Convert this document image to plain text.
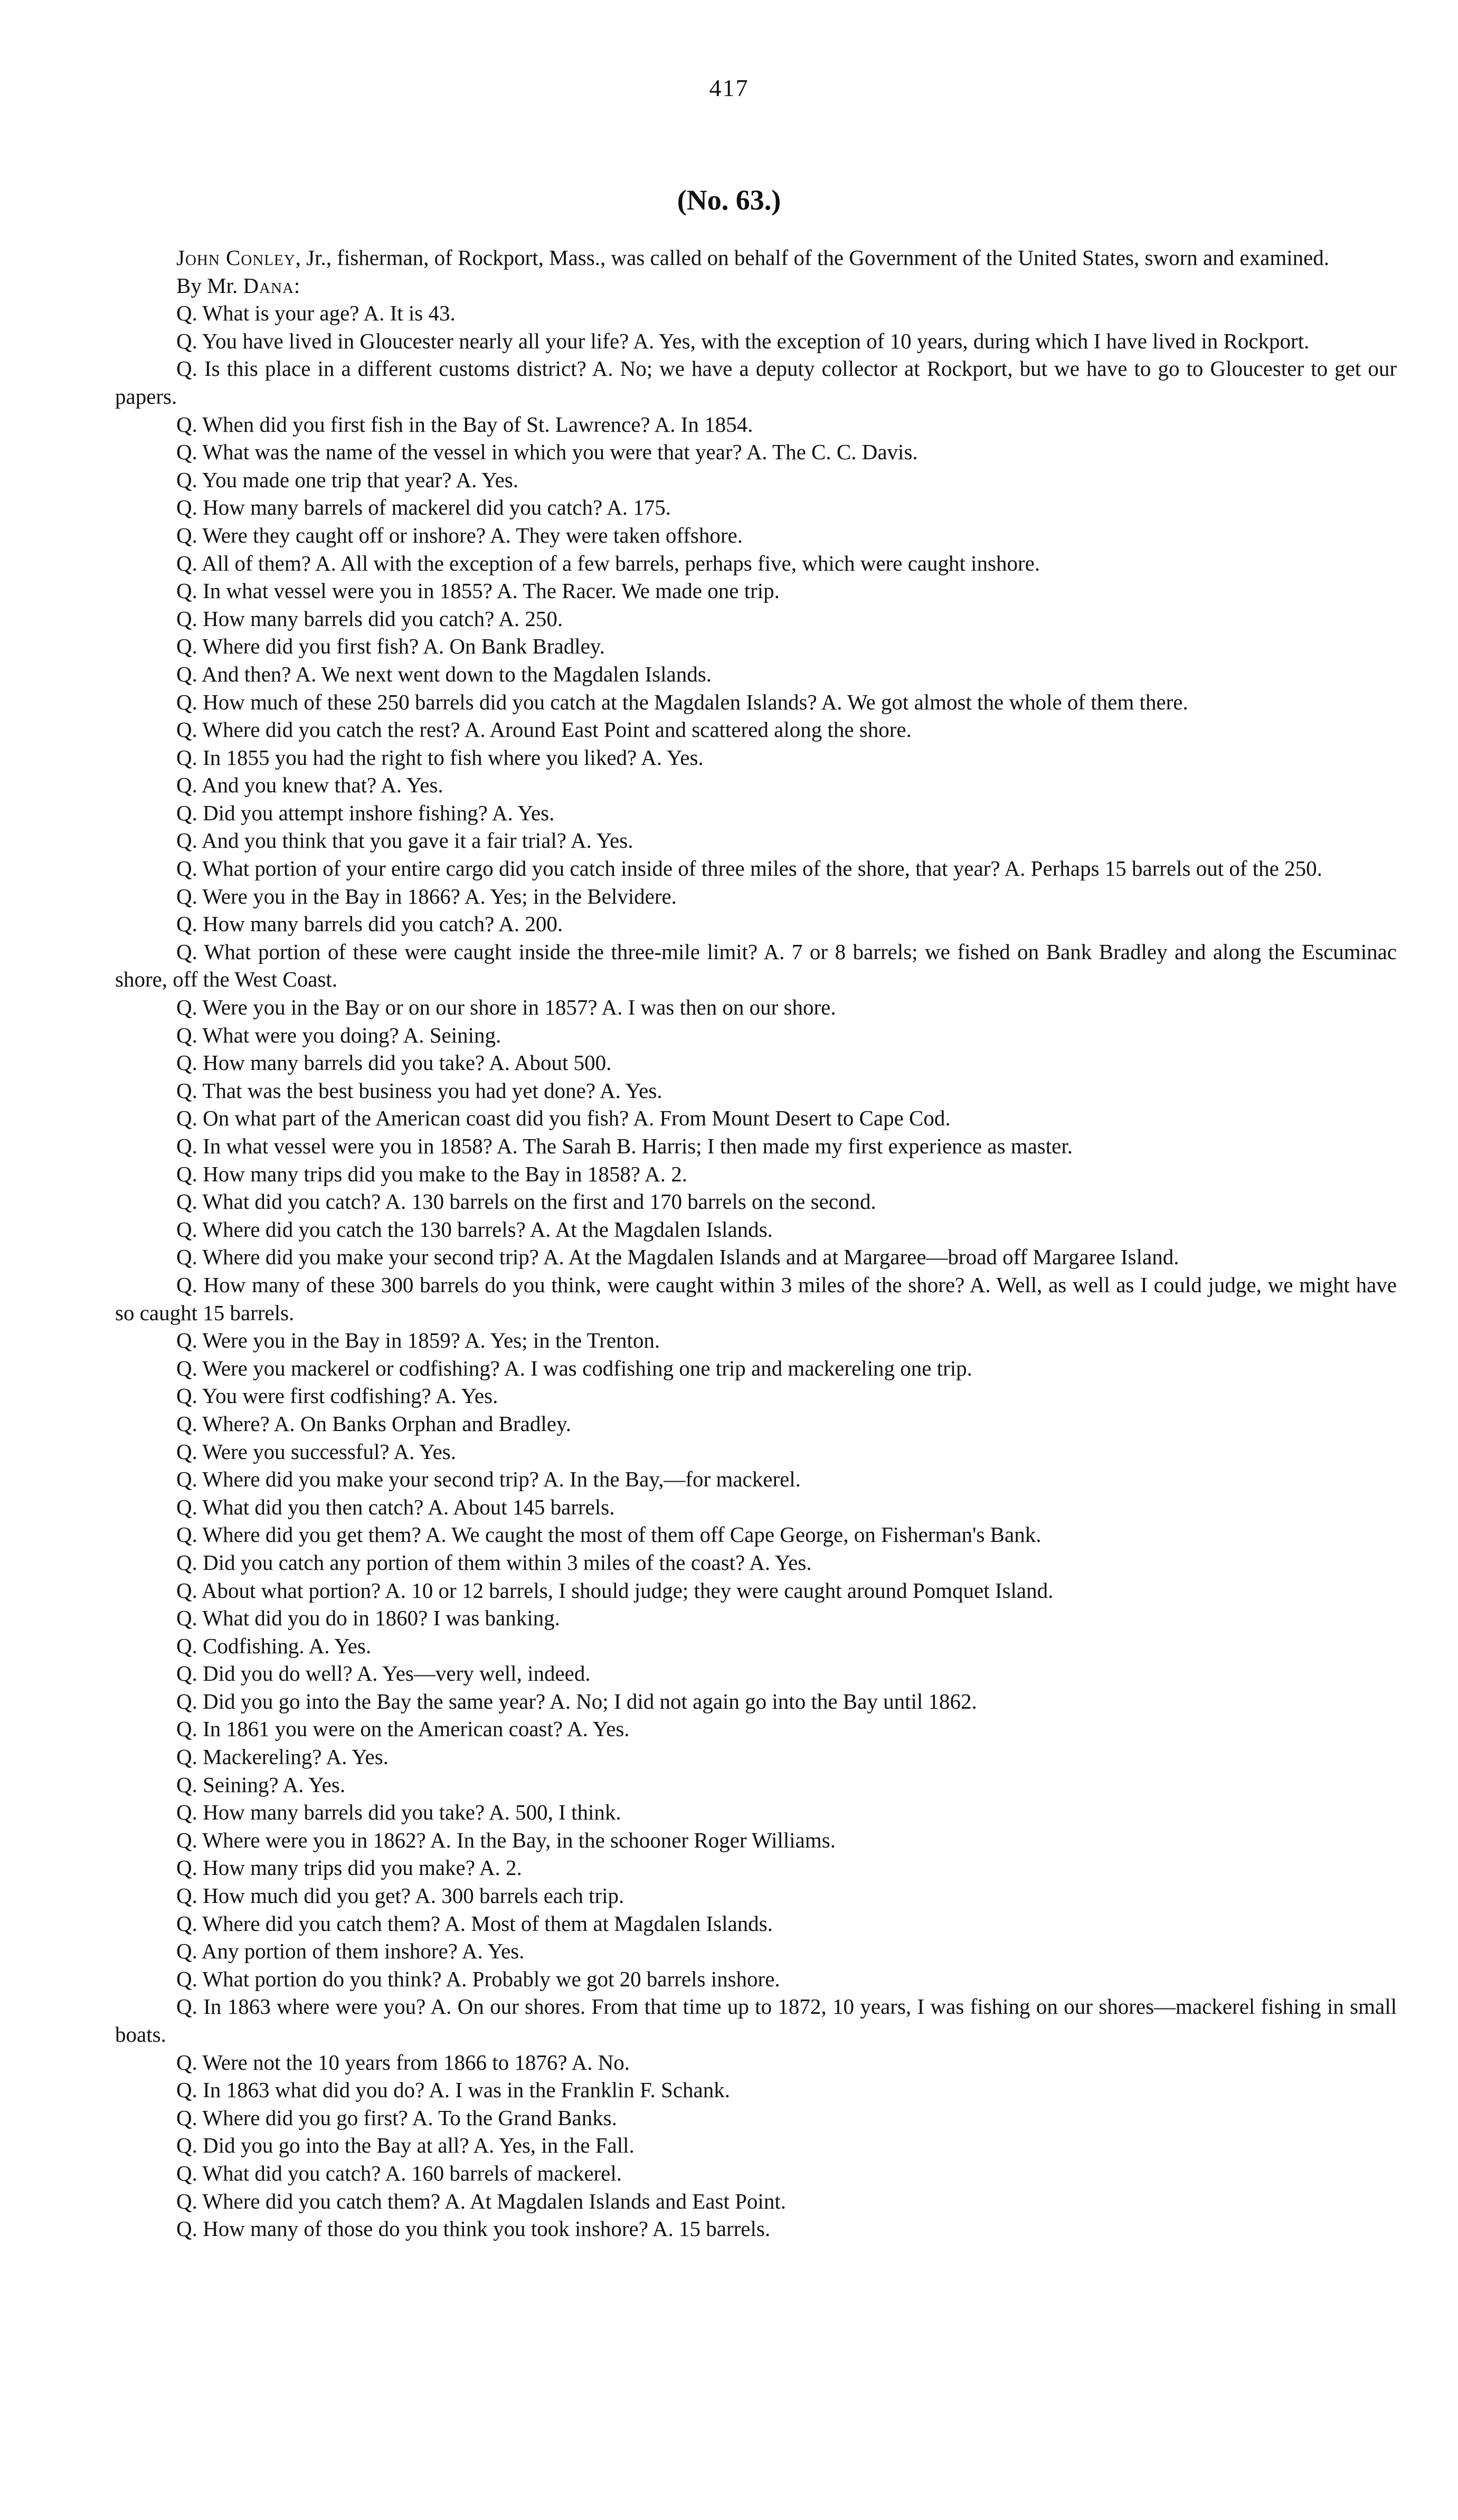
417
(No. 63.)

John Conley, Jr., fisherman, of Rockport, Mass., was called on behalf of the Government of the United States, sworn and examined.

By Mr. Dana:

Q. What is your age? A. It is 43.

Q. You have lived in Gloucester nearly all your life? A. Yes, with the exception of 10 years, during which I have lived in Rockport.

Q. Is this place in a different customs district? A. No; we have a deputy collector at Rockport, but we have to go to Gloucester to get our papers.

Q. When did you first fish in the Bay of St. Lawrence? A. In 1854.

Q. What was the name of the vessel in which you were that year? A. The C. C. Davis.

Q. You made one trip that year? A. Yes.

Q. How many barrels of mackerel did you catch? A. 175.

Q. Were they caught off or inshore? A. They were taken offshore.

Q. All of them? A. All with the exception of a few barrels, perhaps five, which were caught inshore.

Q. In what vessel were you in 1855? A. The Racer. We made one trip.

Q. How many barrels did you catch? A. 250.

Q. Where did you first fish? A. On Bank Bradley.

Q. And then? A. We next went down to the Magdalen Islands.

Q. How much of these 250 barrels did you catch at the Magdalen Islands? A. We got almost the whole of them there.

Q. Where did you catch the rest? A. Around East Point and scattered along the shore.

Q. In 1855 you had the right to fish where you liked? A. Yes.

Q. And you knew that? A. Yes.

Q. Did you attempt inshore fishing? A. Yes.

Q. And you think that you gave it a fair trial? A. Yes.

Q. What portion of your entire cargo did you catch inside of three miles of the shore, that year? A. Perhaps 15 barrels out of the 250.

Q. Were you in the Bay in 1866? A. Yes; in the Belvidere.

Q. How many barrels did you catch? A. 200.

Q. What portion of these were caught inside the three-mile limit? A. 7 or 8 barrels; we fished on Bank Bradley and along the Escuminac shore, off the West Coast.

Q. Were you in the Bay or on our shore in 1857? A. I was then on our shore.

Q. What were you doing? A. Seining.

Q. How many barrels did you take? A. About 500.

Q. That was the best business you had yet done? A. Yes.

Q. On what part of the American coast did you fish? A. From Mount Desert to Cape Cod.

Q. In what vessel were you in 1858? A. The Sarah B. Harris; I then made my first experience as master.

Q. How many trips did you make to the Bay in 1858? A. 2.

Q. What did you catch? A. 130 barrels on the first and 170 barrels on the second.

Q. Where did you catch the 130 barrels? A. At the Magdalen Islands.

Q. Where did you make your second trip? A. At the Magdalen Islands and at Margaree—broad off Margaree Island.

Q. How many of these 300 barrels do you think, were caught within 3 miles of the shore? A. Well, as well as I could judge, we might have so caught 15 barrels.

Q. Were you in the Bay in 1859? A. Yes; in the Trenton.

Q. Were you mackerel or codfishing? A. I was codfishing one trip and mackereling one trip.

Q. You were first codfishing? A. Yes.

Q. Where? A. On Banks Orphan and Bradley.

Q. Were you successful? A. Yes.

Q. Where did you make your second trip? A. In the Bay,—for mackerel.

Q. What did you then catch? A. About 145 barrels.

Q. Where did you get them? A. We caught the most of them off Cape George, on Fisherman's Bank.

Q. Did you catch any portion of them within 3 miles of the coast? A. Yes.

Q. About what portion? A. 10 or 12 barrels, I should judge; they were caught around Pomquet Island.

Q. What did you do in 1860? I was banking.

Q. Codfishing. A. Yes.

Q. Did you do well? A. Yes—very well, indeed.

Q. Did you go into the Bay the same year? A. No; I did not again go into the Bay until 1862.

Q. In 1861 you were on the American coast? A. Yes.

Q. Mackereling? A. Yes.

Q. Seining? A. Yes.

Q. How many barrels did you take? A. 500, I think.

Q. Where were you in 1862? A. In the Bay, in the schooner Roger Williams.

Q. How many trips did you make? A. 2.

Q. How much did you get? A. 300 barrels each trip.

Q. Where did you catch them? A. Most of them at Magdalen Islands.

Q. Any portion of them inshore? A. Yes.

Q. What portion do you think? A. Probably we got 20 barrels inshore.

Q. In 1863 where were you? A. On our shores. From that time up to 1872, 10 years, I was fishing on our shores—mackerel fishing in small boats.

Q. Were not the 10 years from 1866 to 1876? A. No.

Q. In 1863 what did you do? A. I was in the Franklin F. Schank.

Q. Where did you go first? A. To the Grand Banks.

Q. Did you go into the Bay at all? A. Yes, in the Fall.

Q. What did you catch? A. 160 barrels of mackerel.

Q. Where did you catch them? A. At Magdalen Islands and East Point.

Q. How many of those do you think you took inshore? A. 15 barrels.
